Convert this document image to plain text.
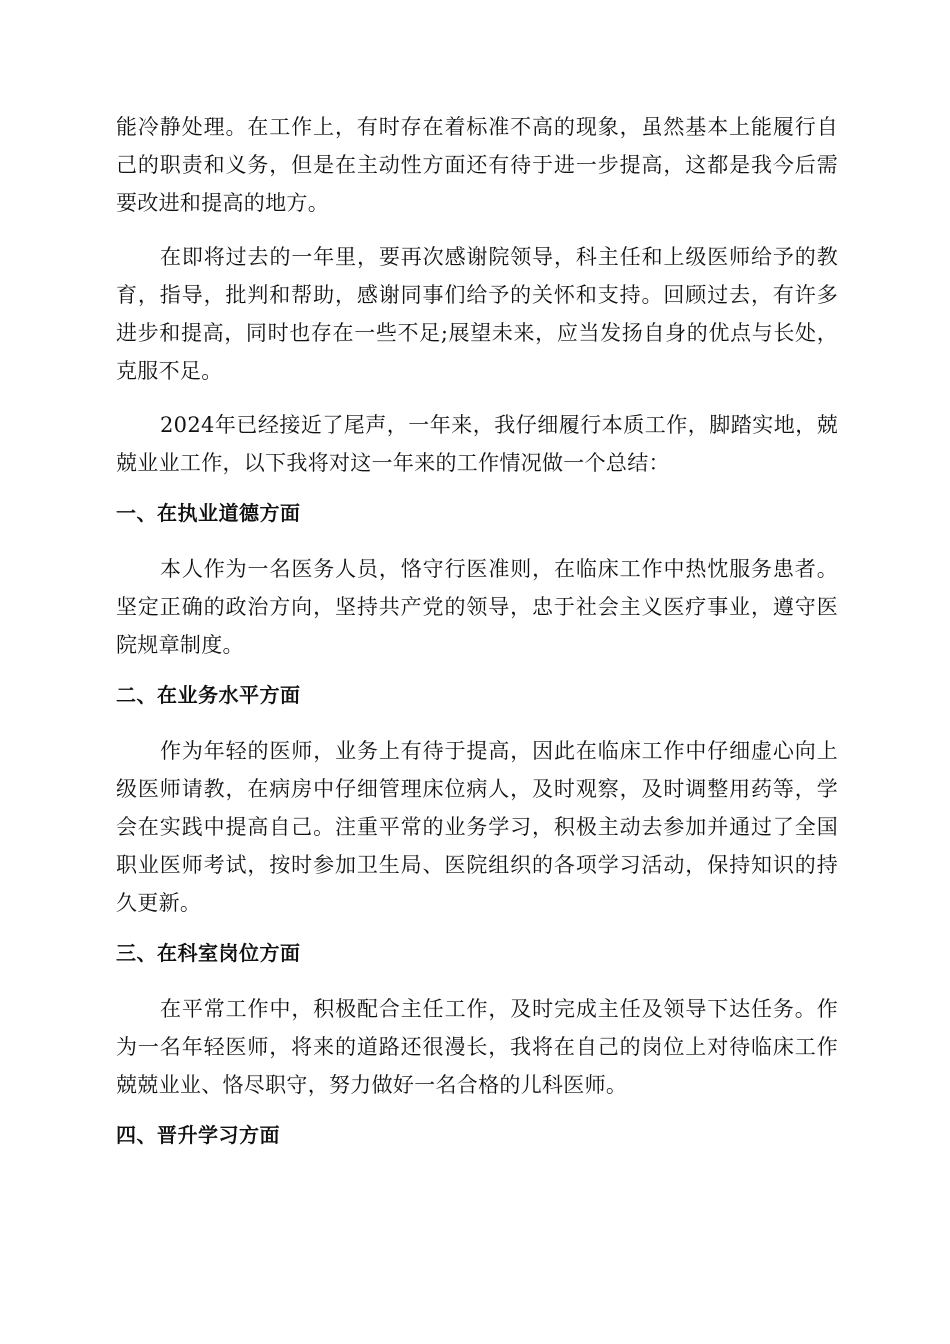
能冷静处理。在工作上，有时存在着标准不高的现象，虽然基本上能履行自己的职责和义务，但是在主动性方面还有待于进一步提高，这都是我今后需要改进和提高的地方。

在即将过去的一年里，要再次感谢院领导，科主任和上级医师给予的教育，指导，批判和帮助，感谢同事们给予的关怀和支持。回顾过去，有许多进步和提高，同时也存在一些不足;展望未来，应当发扬自身的优点与长处，克服不足。

2024年已经接近了尾声，一年来，我仔细履行本质工作，脚踏实地，兢兢业业工作，以下我将对这一年来的工作情况做一个总结：

一、在执业道德方面

本人作为一名医务人员，恪守行医准则，在临床工作中热忱服务患者。坚定正确的政治方向，坚持共产党的领导，忠于社会主义医疗事业，遵守医院规章制度。

二、在业务水平方面

作为年轻的医师，业务上有待于提高，因此在临床工作中仔细虚心向上级医师请教，在病房中仔细管理床位病人，及时观察，及时调整用药等，学会在实践中提高自己。注重平常的业务学习，积极主动去参加并通过了全国职业医师考试，按时参加卫生局、医院组织的各项学习活动，保持知识的持久更新。

三、在科室岗位方面

在平常工作中，积极配合主任工作，及时完成主任及领导下达任务。作为一名年轻医师，将来的道路还很漫长，我将在自己的岗位上对待临床工作兢兢业业、恪尽职守，努力做好一名合格的儿科医师。

四、晋升学习方面
